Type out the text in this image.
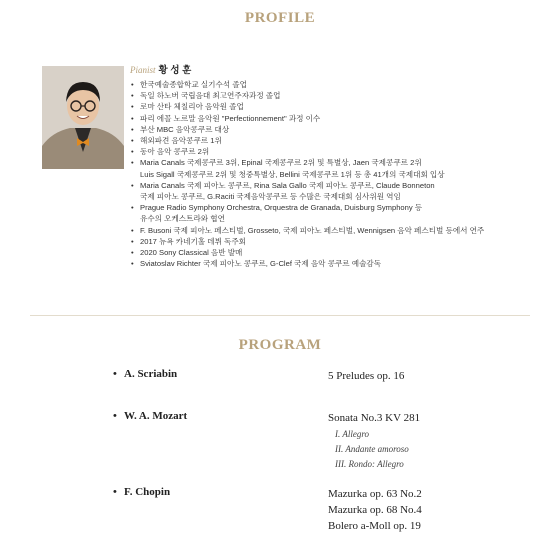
PROFILE
Pianist 황 성 훈
• 한국예술종합학교 실기수석 졸업
• 독일 하노버 국립음대 최고연주자과정 졸업
• 로마 산타 체칠리아 음악원 졸업
• 파리 에꼴 노르말 음악원 "Perfectionnement" 과정 이수
• 부산 MBC 음악콩쿠르 대상
• 해외파견 음악콩쿠르 1위
• 동아 음악 콩쿠르 2위
• Maria Canals 국제콩쿠르 3위, Epinal 국제콩쿠르 2위 및 특별상, Jaen 국제콩쿠르 2위
Luis Sigall 국제콩쿠르 2위 및 청중특별상, Bellini 국제콩쿠르 1위 등 총 41개의 국제대회 입상
• Maria Canals 국제 피아노 콩쿠르, Rina Sala Gallo 국제 피아노 콩쿠르, Claude Bonneton
국제 피아노 콩쿠르, G.Raciti 국제음악콩쿠르 등 수많은 국제대회 심사위원 역임
• Prague Radio Symphony Orchestra, Orquestra de Granada, Duisburg Symphony 등
유수의 오케스트라와 협연
• F. Busoni 국제 피아노 페스티벌, Grosseto, 국제 피아노 페스티벌, Wennigsen 음악 페스티벌 등에서 연주
• 2017 뉴욕 카네기홀 데뷔 독주회
• 2020 Sony Classical 음반 발매
• Sviatoslav Richter 국제 피아노 콩쿠르, G-Clef 국제 음악 콩쿠르 예술감독
PROGRAM
• A. Scriabin	5 Preludes op. 16
• W. A. Mozart	Sonata No.3 KV 281
I. Allegro
II. Andante amoroso
III. Rondo: Allegro
• F. Chopin	Mazurka op. 63 No.2
Mazurka op. 68 No.4
Bolero a-Moll op. 19
